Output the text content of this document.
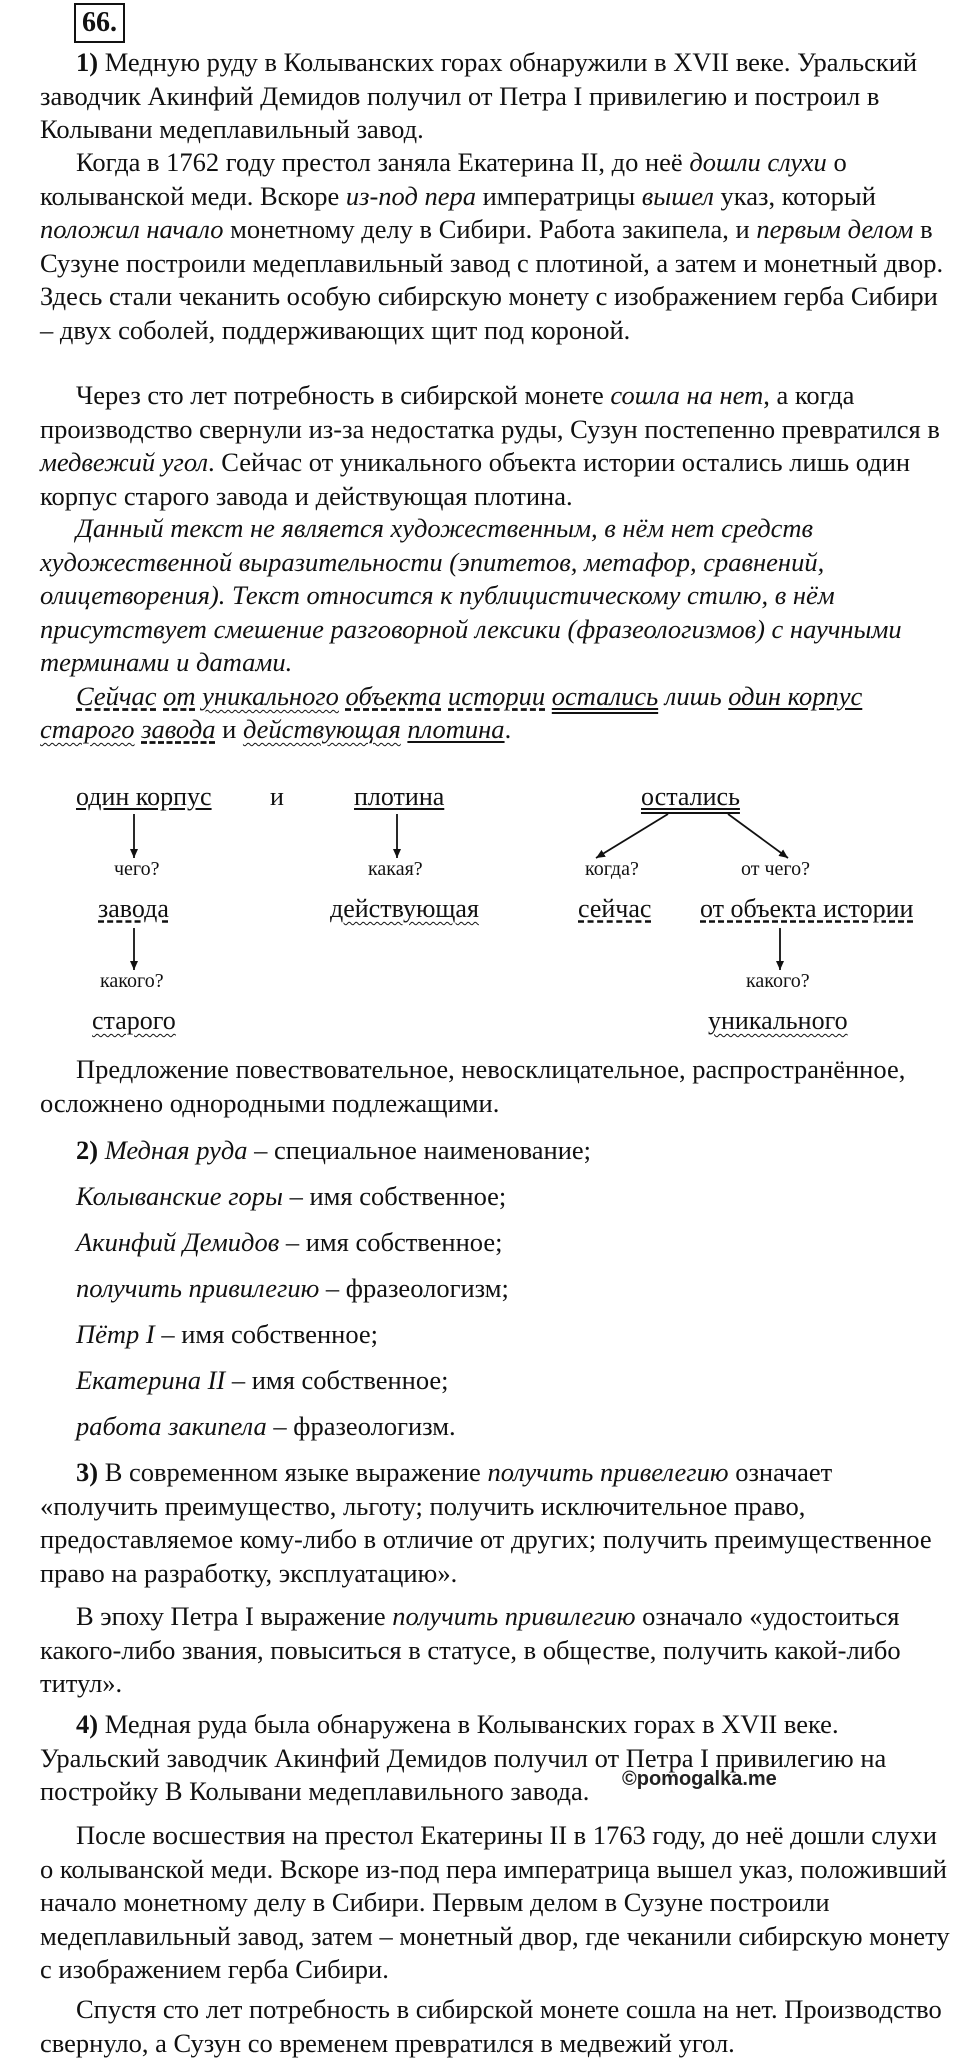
66.

1) Медную руду в Колыванских горах обнаружили в XVII веке. Уральский заводчик Акинфий Демидов получил от Петра I привилегию и построил в Колывани медеплавильный завод.

Когда в 1762 году престол заняла Екатерина II, до неё дошли слухи о колыванской меди. Вскоре из-под пера императрицы вышел указ, который положил начало монетному делу в Сибири. Работа закипела, и первым делом в Сузуне построили медеплавильный завод с плотиной, а затем и монетный двор. Здесь стали чеканить особую сибирскую монету с изображением герба Сибири – двух соболей, поддерживающих щит под короной.

Через сто лет потребность в сибирской монете сошла на нет, а когда производство свернули из-за недостатка руды, Сузун постепенно превратился в медвежий угол. Сейчас от уникального объекта истории остались лишь один корпус старого завода и действующая плотина.

Данный текст не является художественным, в нём нет средств художественной выразительности (эпитетов, метафор, сравнений, олицетворения). Текст относится к публицистическому стилю, в нём присутствует смешение разговорной лексики (фразеологизмов) с научными терминами и датами.

Сейчас от уникального объекта истории остались лишь один корпус старого завода и действующая плотина.

один корпус и	плотина	остались
чего?	какая?	когда?	от чего?
завода	действующая	сейчас от объекта истории
какого?	какого?
старого	уникального

Предложение повествовательное, невосклицательное, распространённое, осложнено однородными подлежащими.

2) Медная руда – специальное наименование;
Колыванские горы – имя собственное;
Акинфий Демидов – имя собственное;
получить привилегию – фразеологизм;
Пётр I – имя собственное;
Екатерина II – имя собственное;
работа закипела – фразеологизм.

3) В современном языке выражение получить привелегию означает «получить преимущество, льготу; получить исключительное право, предоставляемое кому-либо в отличие от других; получить преимущественное право на разработку, эксплуатацию».

В эпоху Петра I выражение получить привилегию означало «удостоиться какого-либо звания, повыситься в статусе, в обществе, получить какой-либо титул».

4) Медная руда была обнаружена в Колыванских горах в XVII веке. Уральский заводчик Акинфий Демидов получил от Петра I привилегию на постройку В Колывани медеплавильного завода.	©pomogalka.me

После восшествия на престол Екатерины II в 1763 году, до неё дошли слухи о колыванской меди. Вскоре из-под пера императрица вышел указ, положивший начало монетному делу в Сибири. Первым делом в Сузуне построили медеплавильный завод, затем – монетный двор, где чеканили сибирскую монету с изображением герба Сибири.

Спустя сто лет потребность в сибирской монете сошла на нет. Производство свернуло, а Сузун со временем превратился в медвежий угол.
